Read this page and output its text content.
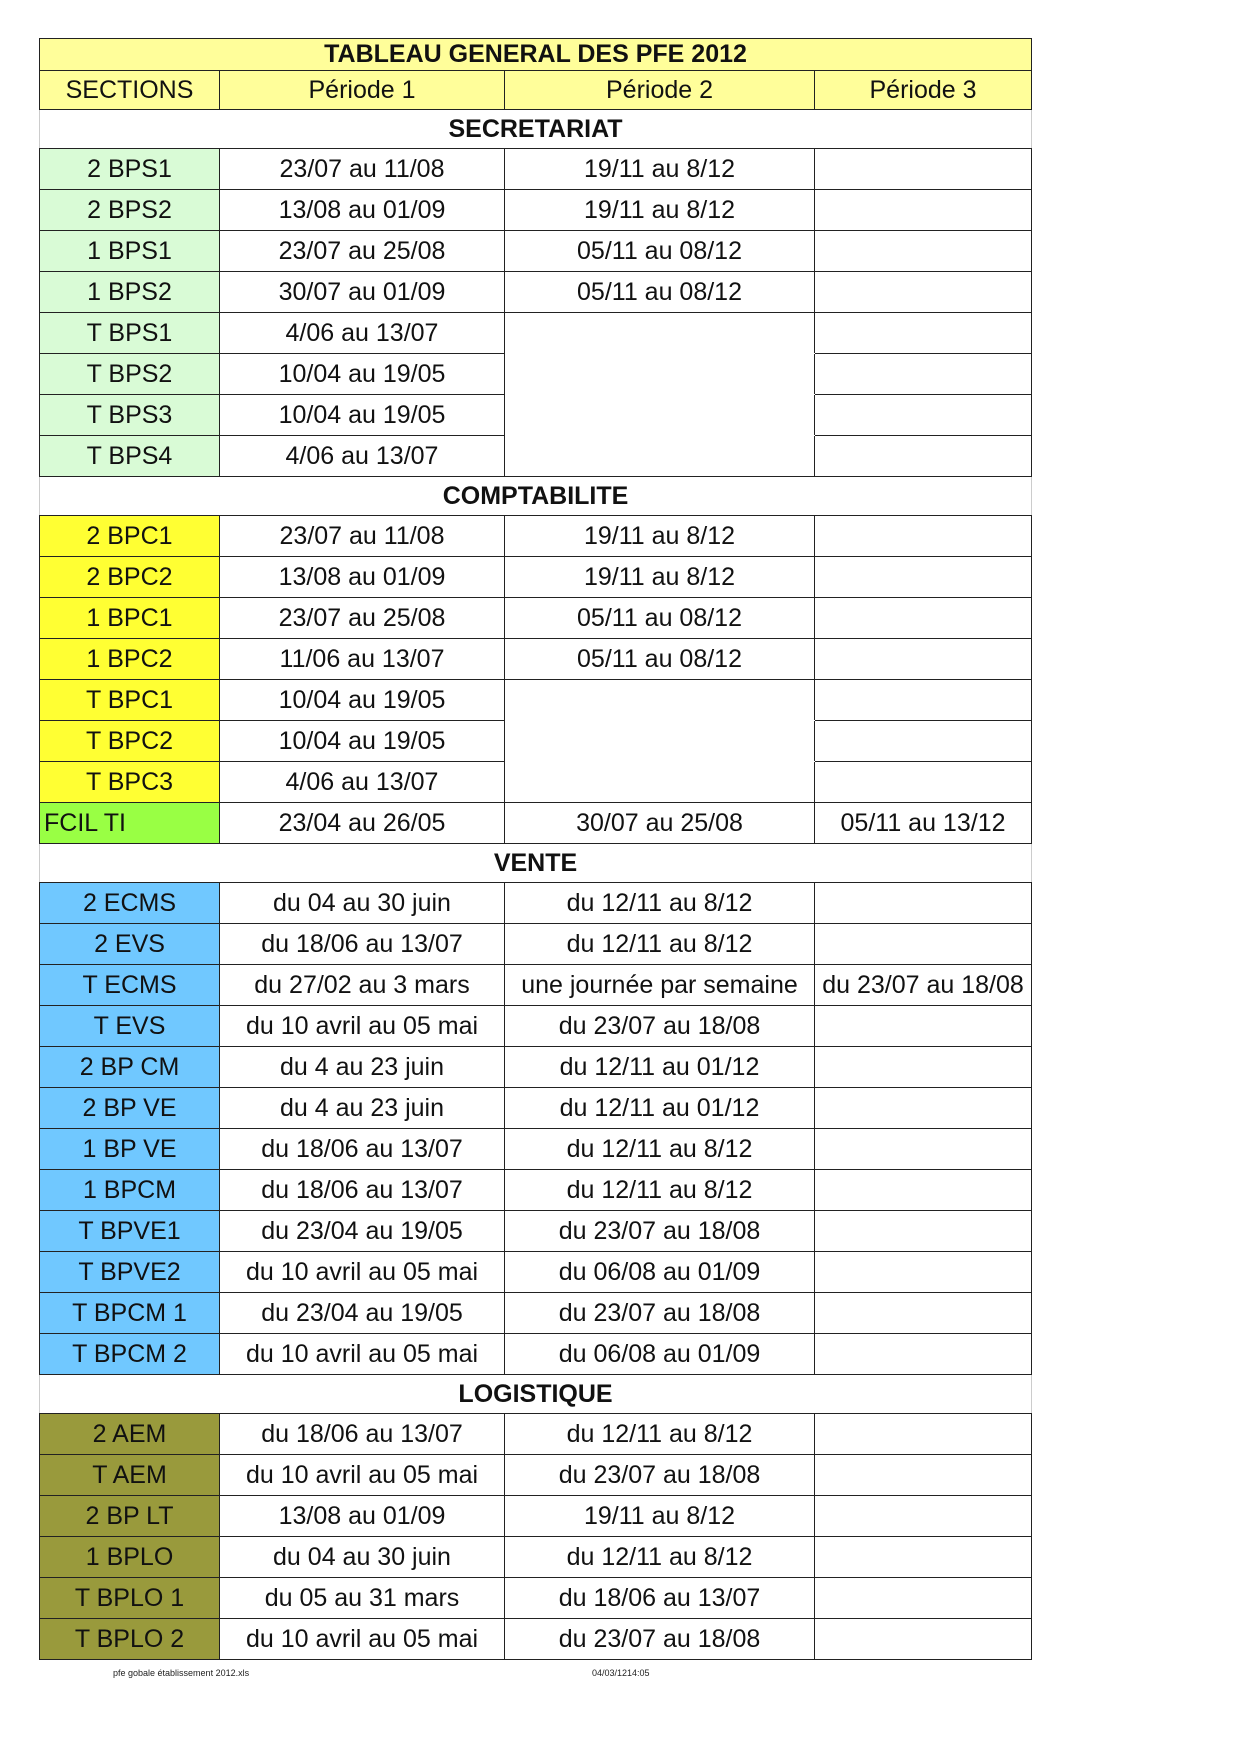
TABLEAU GENERAL DES PFE 2012			
SECTIONS	Période 1	Période 2	Période 3
SECRETARIAT			
2 BPS1	23/07 au 11/08	19/11 au 8/12	
2 BPS2	13/08 au 01/09	19/11 au 8/12	
1 BPS1	23/07 au 25/08	05/11 au 08/12	
1 BPS2	30/07 au 01/09	05/11 au 08/12	
T BPS1	4/06 au 13/07		
T BPS2	10/04 au 19/05		
T BPS3	10/04 au 19/05		
T BPS4	4/06 au 13/07		
COMPTABILITE			
2 BPC1	23/07 au 11/08	19/11 au 8/12	
2 BPC2	13/08 au 01/09	19/11 au 8/12	
1 BPC1	23/07 au 25/08	05/11 au 08/12	
1 BPC2	11/06 au 13/07	05/11 au 08/12	
T BPC1	10/04 au 19/05		
T BPC2	10/04 au 19/05		
T BPC3	4/06 au 13/07		
FCIL TI	23/04 au 26/05	30/07 au 25/08	05/11 au 13/12
VENTE			
2 ECMS	du 04 au 30 juin	du 12/11 au 8/12	
2 EVS	du 18/06 au 13/07	du 12/11 au 8/12	
T ECMS	du 27/02 au 3 mars	une journée par semaine	du 23/07 au 18/08
T EVS	du 10 avril au 05 mai	du 23/07 au 18/08	
2 BP CM	du 4 au 23 juin	du 12/11 au 01/12	
2 BP VE	du 4 au 23 juin	du 12/11 au 01/12	
1 BP VE	du 18/06 au 13/07	du 12/11 au 8/12	
1 BPCM	du 18/06 au 13/07	du 12/11 au 8/12	
T BPVE1	du 23/04 au 19/05	du 23/07 au 18/08	
T BPVE2	du 10 avril au 05 mai	du 06/08 au 01/09	
T BPCM 1	du 23/04 au 19/05	du 23/07 au 18/08	
T BPCM 2	du 10 avril au 05 mai	du 06/08 au 01/09	
LOGISTIQUE			
2 AEM	du 18/06 au 13/07	du 12/11 au 8/12	
T AEM	du 10 avril au 05 mai	du 23/07 au 18/08	
2 BP LT	13/08 au 01/09	19/11 au 8/12	
1 BPLO	du 04 au 30 juin	du 12/11 au 8/12	
T BPLO 1	du 05 au 31 mars	du 18/06 au 13/07	
T BPLO 2	du 10 avril au 05 mai	du 23/07 au 18/08	
pfe gobale établissement 2012.xls	04/03/1214:05
